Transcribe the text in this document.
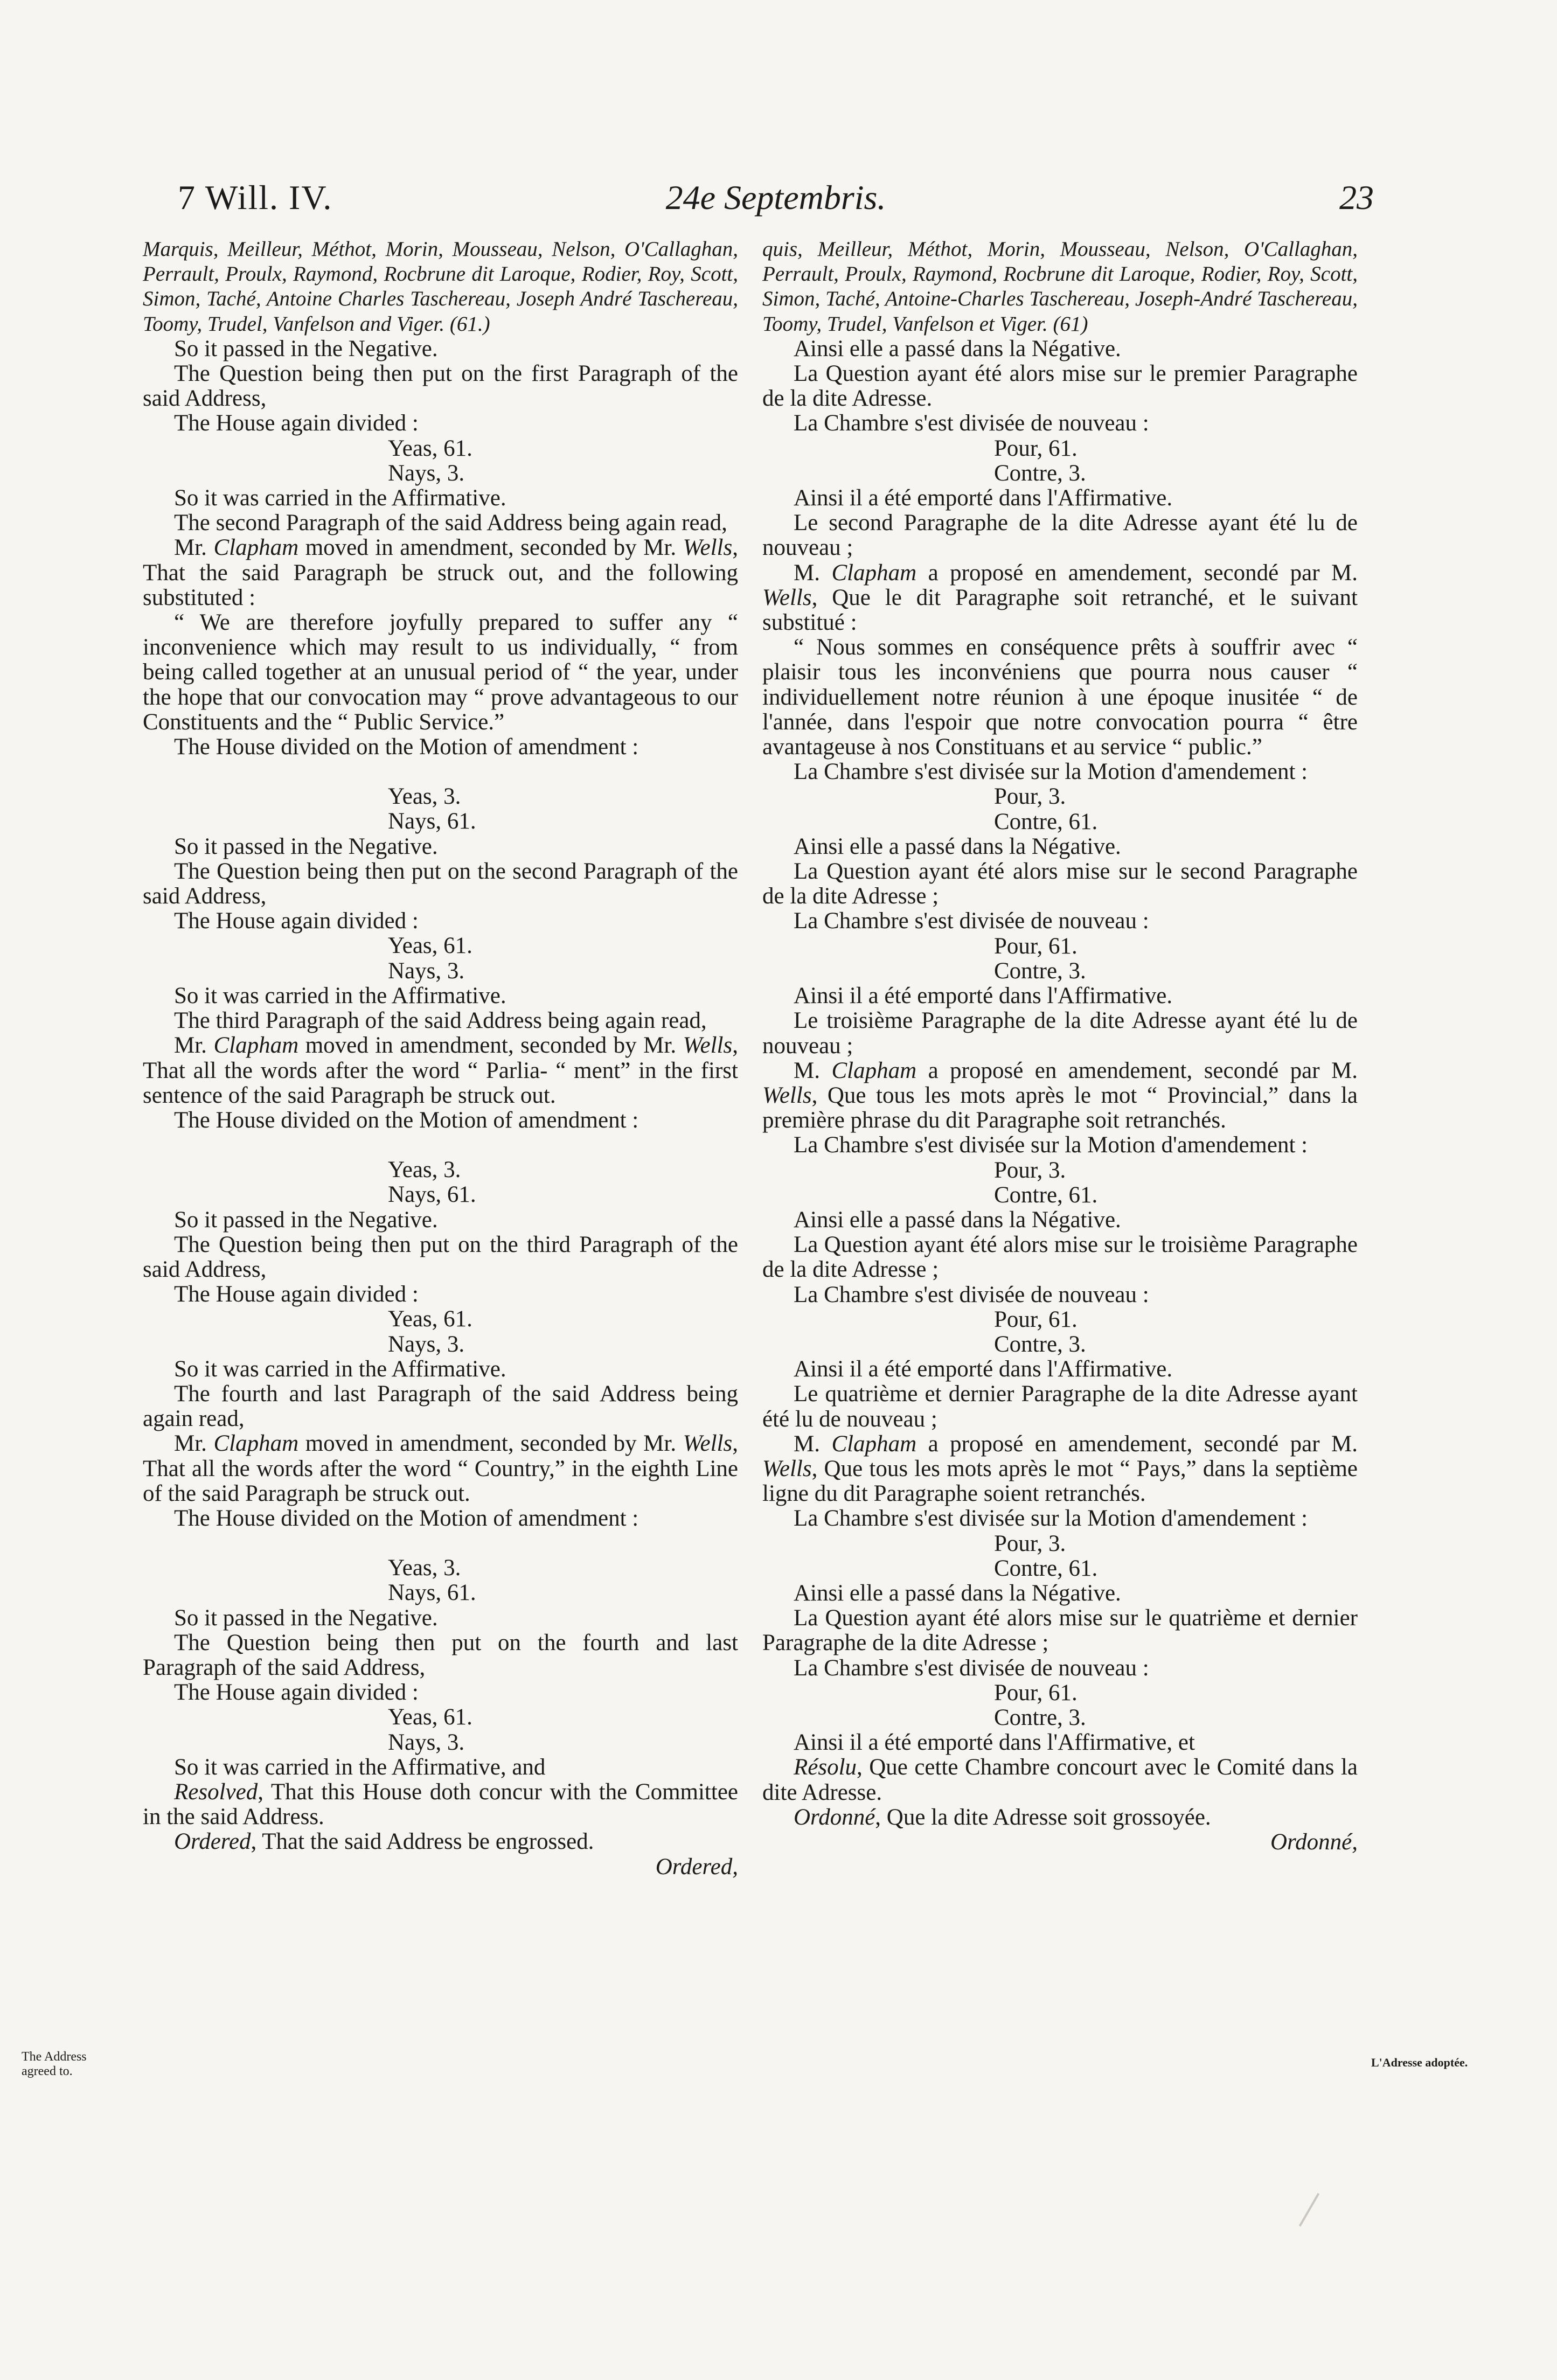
7 Will. IV.	24e Septembris.	23

Marquis, Meilleur, Méthot, Morin, Mousseau, Nelson, O'Callaghan, Perrault, Proulx, Raymond, Rocbrune dit Laroque, Rodier, Roy, Scott, Simon, Taché, Antoine Charles Taschereau, Joseph André Taschereau, Toomy, Trudel, Vanfelson and Viger. (61.)

So it passed in the Negative.

The Question being then put on the first Paragraph of the said Address,

The House again divided :

Yeas, 61.

Nays, 3.

So it was carried in the Affirmative.

The second Paragraph of the said Address being again read,

Mr. Clapham moved in amendment, seconded by Mr. Wells, That the said Paragraph be struck out, and the following substituted :

“ We are therefore joyfully prepared to suffer any “ inconvenience which may result to us individually, “ from being called together at an unusual period of “ the year, under the hope that our convocation may “ prove advantageous to our Constituents and the “ Public Service.”

The House divided on the Motion of amendment :

Yeas, 3.

Nays, 61.

So it passed in the Negative.

The Question being then put on the second Paragraph of the said Address,

The House again divided :

Yeas, 61.

Nays, 3.

So it was carried in the Affirmative.

The third Paragraph of the said Address being again read,

Mr. Clapham moved in amendment, seconded by Mr. Wells, That all the words after the word “ Parlia- “ ment” in the first sentence of the said Paragraph be struck out.

The House divided on the Motion of amendment :

Yeas, 3.

Nays, 61.

So it passed in the Negative.

The Question being then put on the third Paragraph of the said Address,

The House again divided :

Yeas, 61.

Nays, 3.

So it was carried in the Affirmative.

The fourth and last Paragraph of the said Address being again read,

Mr. Clapham moved in amendment, seconded by Mr. Wells, That all the words after the word “ Country,” in the eighth Line of the said Paragraph be struck out.

The House divided on the Motion of amendment :

Yeas, 3.

Nays, 61.

So it passed in the Negative.

The Question being then put on the fourth and last Paragraph of the said Address,

The House again divided :

Yeas, 61.

Nays, 3.

So it was carried in the Affirmative, and

Resolved, That this House doth concur with the Committee in the said Address.

Ordered, That the said Address be engrossed.

Ordered,

quis, Meilleur, Méthot, Morin, Mousseau, Nelson, O'Callaghan, Perrault, Proulx, Raymond, Rocbrune dit Laroque, Rodier, Roy, Scott, Simon, Taché, Antoine-Charles Taschereau, Joseph-André Taschereau, Toomy, Trudel, Vanfelson et Viger. (61)

Ainsi elle a passé dans la Négative.

La Question ayant été alors mise sur le premier Paragraphe de la dite Adresse.

La Chambre s'est divisée de nouveau :

Pour, 61.

Contre, 3.

Ainsi il a été emporté dans l'Affirmative.

Le second Paragraphe de la dite Adresse ayant été lu de nouveau ;

M. Clapham a proposé en amendement, secondé par M. Wells, Que le dit Paragraphe soit retranché, et le suivant substitué :

“ Nous sommes en conséquence prêts à souffrir avec “ plaisir tous les inconvéniens que pourra nous causer “ individuellement notre réunion à une époque inusitée “ de l'année, dans l'espoir que notre convocation pourra “ être avantageuse à nos Constituans et au service “ public.”

La Chambre s'est divisée sur la Motion d'amendement :

Pour, 3.

Contre, 61.

Ainsi elle a passé dans la Négative.

La Question ayant été alors mise sur le second Paragraphe de la dite Adresse ;

La Chambre s'est divisée de nouveau :

Pour, 61.

Contre, 3.

Ainsi il a été emporté dans l'Affirmative.

Le troisième Paragraphe de la dite Adresse ayant été lu de nouveau ;

M. Clapham a proposé en amendement, secondé par M. Wells, Que tous les mots après le mot “ Provincial,” dans la première phrase du dit Paragraphe soit retranchés.

La Chambre s'est divisée sur la Motion d'amendement :

Pour, 3.

Contre, 61.

Ainsi elle a passé dans la Négative.

La Question ayant été alors mise sur le troisième Paragraphe de la dite Adresse ;

La Chambre s'est divisée de nouveau :

Pour, 61.

Contre, 3.

Ainsi il a été emporté dans l'Affirmative.

Le quatrième et dernier Paragraphe de la dite Adresse ayant été lu de nouveau ;

M. Clapham a proposé en amendement, secondé par M. Wells, Que tous les mots après le mot “ Pays,” dans la septième ligne du dit Paragraphe soient retranchés.

La Chambre s'est divisée sur la Motion d'amendement :

Pour, 3.

Contre, 61.

Ainsi elle a passé dans la Négative.

La Question ayant été alors mise sur le quatrième et dernier Paragraphe de la dite Adresse ;

La Chambre s'est divisée de nouveau :

Pour, 61.

Contre, 3.

Ainsi il a été emporté dans l'Affirmative, et

Résolu, Que cette Chambre concourt avec le Comité dans la dite Adresse.

Ordonné, Que la dite Adresse soit grossoyée.

Ordonné,

The Address agreed to.
L'Adresse adoptée.
